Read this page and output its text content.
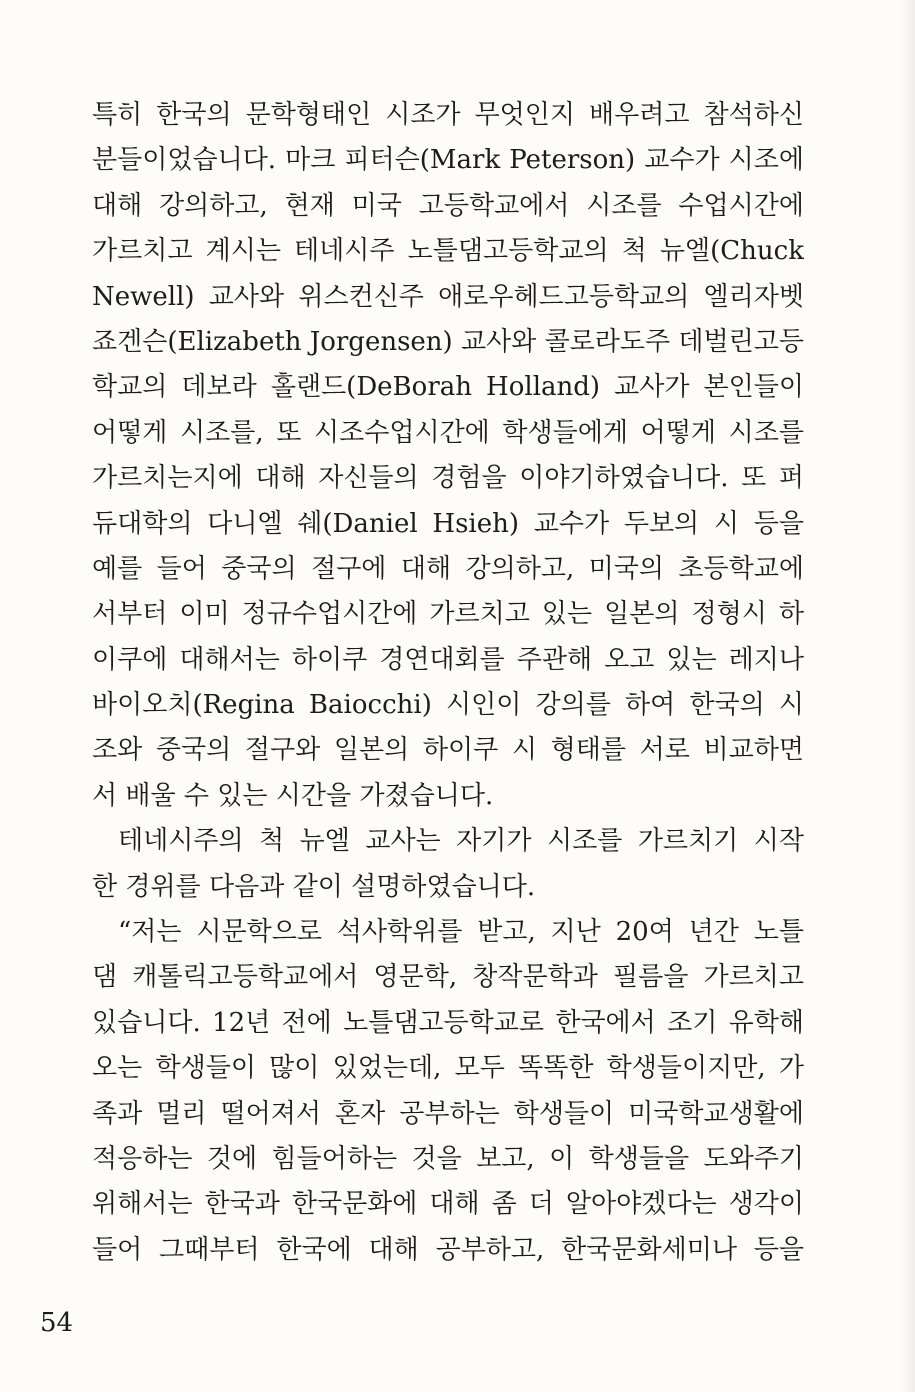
특히 한국의 문학형태인 시조가 무엇인지 배우려고 참석하신
분들이었습니다. 마크 피터슨(Mark Peterson) 교수가 시조에
대해 강의하고, 현재 미국 고등학교에서 시조를 수업시간에
가르치고 계시는 테네시주 노틀댐고등학교의 척 뉴엘(Chuck
Newell) 교사와 위스컨신주 애로우헤드고등학교의 엘리자벳
죠겐슨(Elizabeth Jorgensen) 교사와 콜로라도주 데벌린고등
학교의 데보라 홀랜드(DeBorah Holland) 교사가 본인들이
어떻게 시조를, 또 시조수업시간에 학생들에게 어떻게 시조를
가르치는지에 대해 자신들의 경험을 이야기하였습니다. 또 퍼
듀대학의 다니엘 쉐(Daniel Hsieh) 교수가 두보의 시 등을
예를 들어 중국의 절구에 대해 강의하고, 미국의 초등학교에
서부터 이미 정규수업시간에 가르치고 있는 일본의 정형시 하
이쿠에 대해서는 하이쿠 경연대회를 주관해 오고 있는 레지나
바이오치(Regina Baiocchi) 시인이 강의를 하여 한국의 시
조와 중국의 절구와 일본의 하이쿠 시 형태를 서로 비교하면
서 배울 수 있는 시간을 가졌습니다.
테네시주의 척 뉴엘 교사는 자기가 시조를 가르치기 시작
한 경위를 다음과 같이 설명하였습니다.
“저는 시문학으로 석사학위를 받고, 지난 20여 년간 노틀
댐 캐톨릭고등학교에서 영문학, 창작문학과 필름을 가르치고
있습니다. 12년 전에 노틀댐고등학교로 한국에서 조기 유학해
오는 학생들이 많이 있었는데, 모두 똑똑한 학생들이지만, 가
족과 멀리 떨어져서 혼자 공부하는 학생들이 미국학교생활에
적응하는 것에 힘들어하는 것을 보고, 이 학생들을 도와주기
위해서는 한국과 한국문화에 대해 좀 더 알아야겠다는 생각이
들어 그때부터 한국에 대해 공부하고, 한국문화세미나 등을
54
